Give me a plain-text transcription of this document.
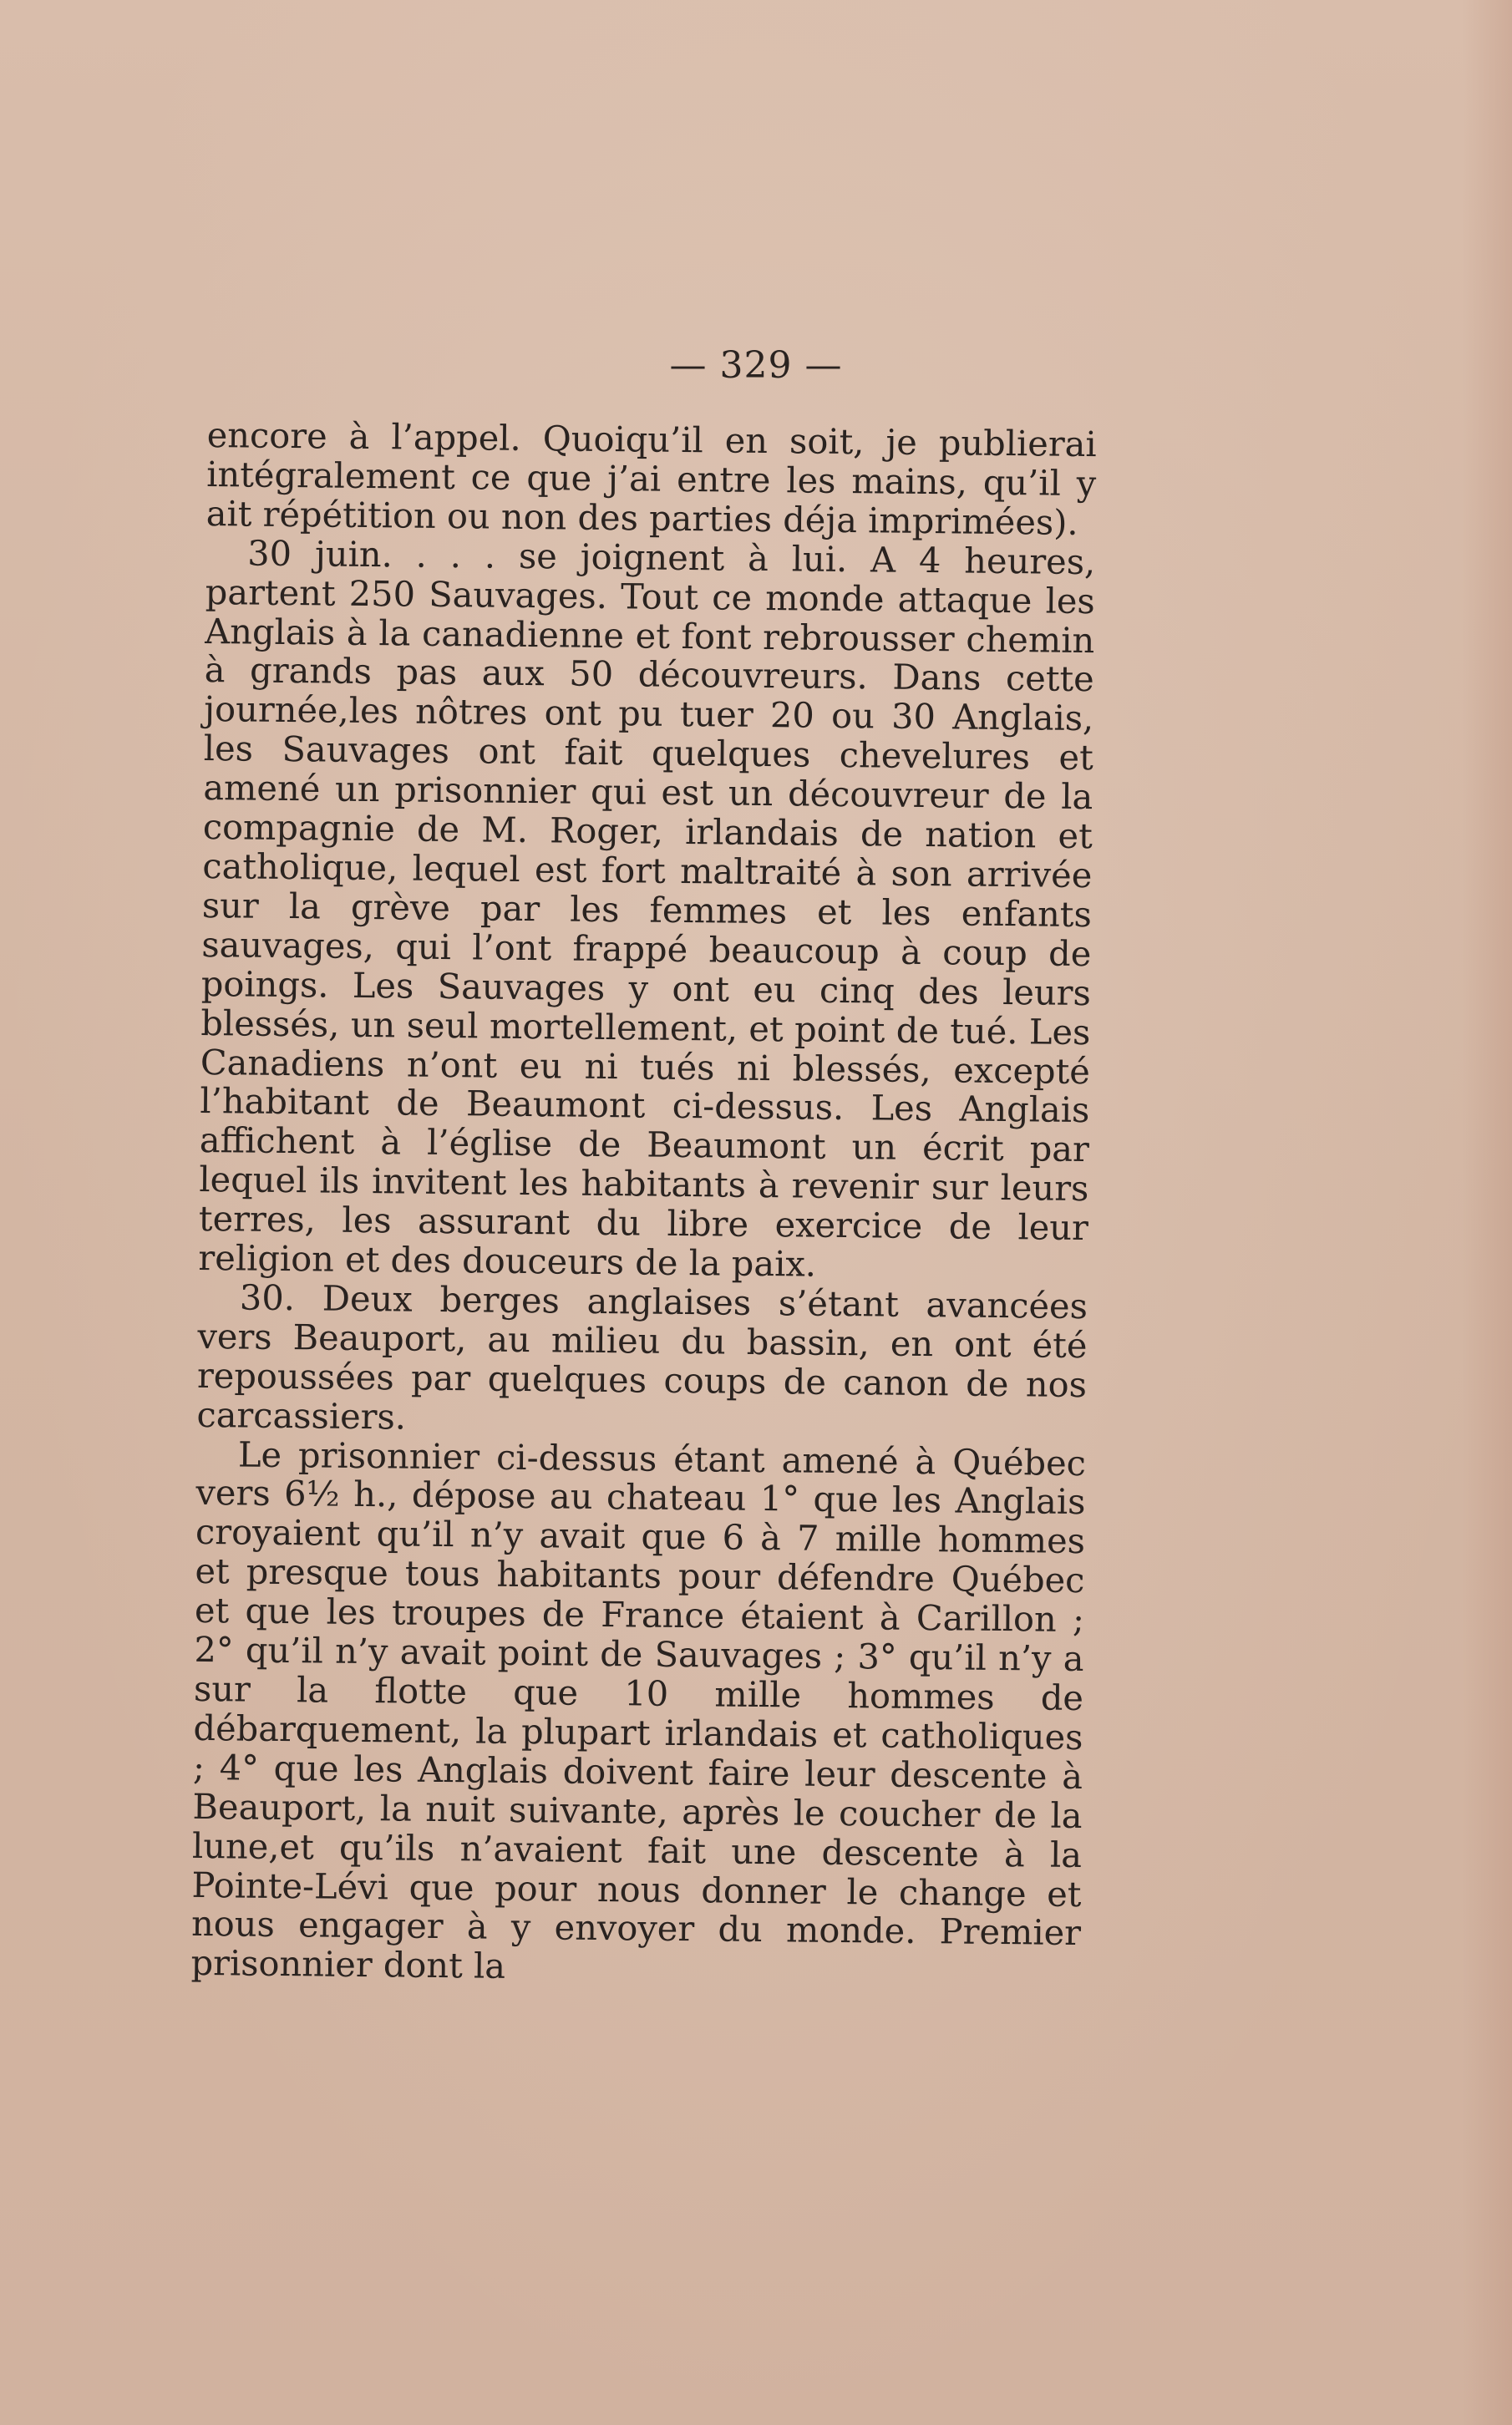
— 329 —

encore à l’appel. Quoiqu’il en soit, je publierai intégralement ce que j’ai entre les mains, qu’il y ait répétition ou non des parties déja imprimées).

30 juin. . . . se joignent à lui. A 4 heures, partent 250 Sauvages. Tout ce monde attaque les Anglais à la canadienne et font rebrousser chemin à grands pas aux 50 découvreurs. Dans cette journée,les nôtres ont pu tuer 20 ou 30 Anglais, les Sauvages ont fait quelques chevelures et amené un prisonnier qui est un découvreur de la compagnie de M. Roger, irlandais de nation et catholique, lequel est fort maltraité à son arrivée sur la grève par les femmes et les enfants sauvages, qui l’ont frappé beaucoup à coup de poings. Les Sauvages y ont eu cinq des leurs blessés, un seul mortellement, et point de tué. Les Canadiens n’ont eu ni tués ni blessés, excepté l’habitant de Beaumont ci-dessus. Les Anglais affichent à l’église de Beaumont un écrit par lequel ils invitent les habitants à revenir sur leurs terres, les assurant du libre exercice de leur religion et des douceurs de la paix.

30. Deux berges anglaises s’étant avancées vers Beauport, au milieu du bassin, en ont été repoussées par quelques coups de canon de nos carcassiers.

Le prisonnier ci-dessus étant amené à Québec vers 6½ h., dépose au chateau 1° que les Anglais croyaient qu’il n’y avait que 6 à 7 mille hommes et presque tous habitants pour défendre Québec et que les troupes de France étaient à Carillon ; 2° qu’il n’y avait point de Sauvages ; 3° qu’il n’y a sur la flotte que 10 mille hommes de débarquement, la plupart irlandais et catholiques ; 4° que les Anglais doivent faire leur descente à Beauport, la nuit suivante, après le coucher de la lune,et qu’ils n’avaient fait une descente à la Pointe-Lévi que pour nous donner le change et nous engager à y envoyer du monde. Premier prisonnier dont la
